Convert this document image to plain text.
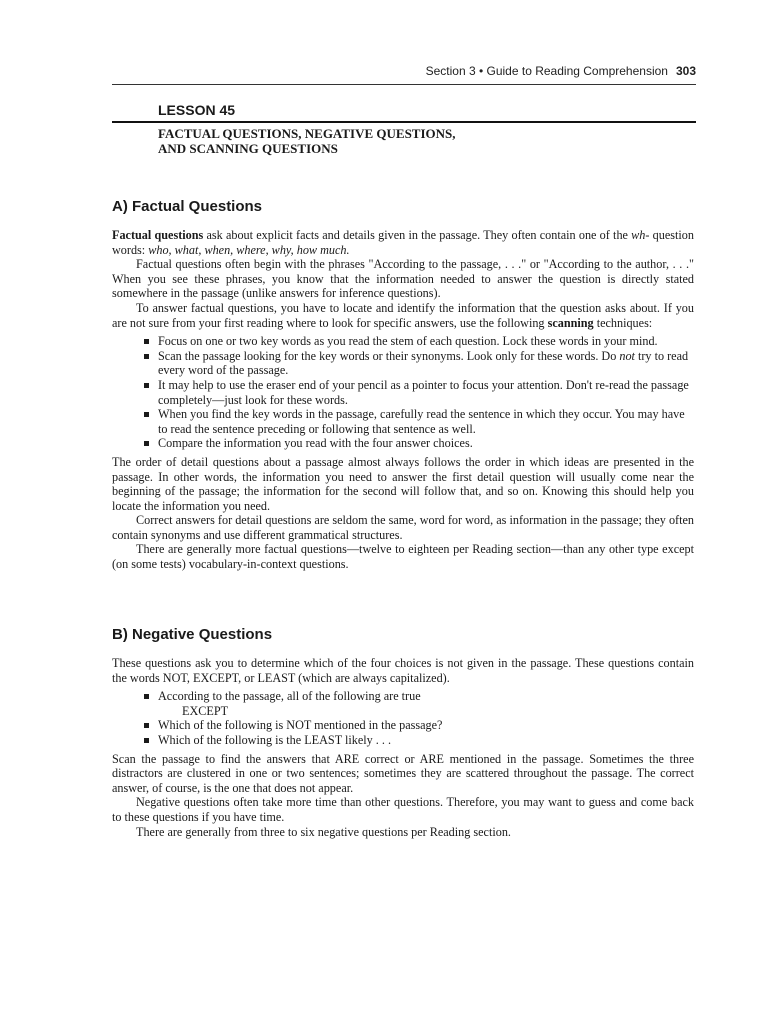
Section 3 • Guide to Reading Comprehension 303
LESSON 45
FACTUAL QUESTIONS, NEGATIVE QUESTIONS,
AND SCANNING QUESTIONS
A) Factual Questions

Factual questions ask about explicit facts and details given in the passage. They often contain one of the wh- question words: who, what, when, where, why, how much.

Factual questions often begin with the phrases "According to the passage, . . ." or "According to the author, . . ." When you see these phrases, you know that the information needed to answer the question is directly stated somewhere in the passage (unlike answers for inference questions).

To answer factual questions, you have to locate and identify the information that the question asks about. If you are not sure from your first reading where to look for specific answers, use the following scanning techniques:

Focus on one or two key words as you read the stem of each question. Lock these words in your mind.
Scan the passage looking for the key words or their synonyms. Look only for these words. Do not try to read every word of the passage.
It may help to use the eraser end of your pencil as a pointer to focus your attention. Don't re-read the passage completely—just look for these words.
When you find the key words in the passage, carefully read the sentence in which they occur. You may have to read the sentence preceding or following that sentence as well.
Compare the information you read with the four answer choices.

The order of detail questions about a passage almost always follows the order in which ideas are presented in the passage. In other words, the information you need to answer the first detail question will usually come near the beginning of the passage; the information for the second will follow that, and so on. Knowing this should help you locate the information you need.

Correct answers for detail questions are seldom the same, word for word, as information in the passage; they often contain synonyms and use different grammatical structures.

There are generally more factual questions—twelve to eighteen per Reading section—than any other type except (on some tests) vocabulary-in-context questions.

B) Negative Questions

These questions ask you to determine which of the four choices is not given in the passage. These questions contain the words NOT, EXCEPT, or LEAST (which are always capitalized).

According to the passage, all of the following are true
EXCEPT
Which of the following is NOT mentioned in the passage?
Which of the following is the LEAST likely . . .

Scan the passage to find the answers that ARE correct or ARE mentioned in the passage. Sometimes the three distractors are clustered in one or two sentences; sometimes they are scattered throughout the passage. The correct answer, of course, is the one that does not appear.

Negative questions often take more time than other questions. Therefore, you may want to guess and come back to these questions if you have time.

There are generally from three to six negative questions per Reading section.
